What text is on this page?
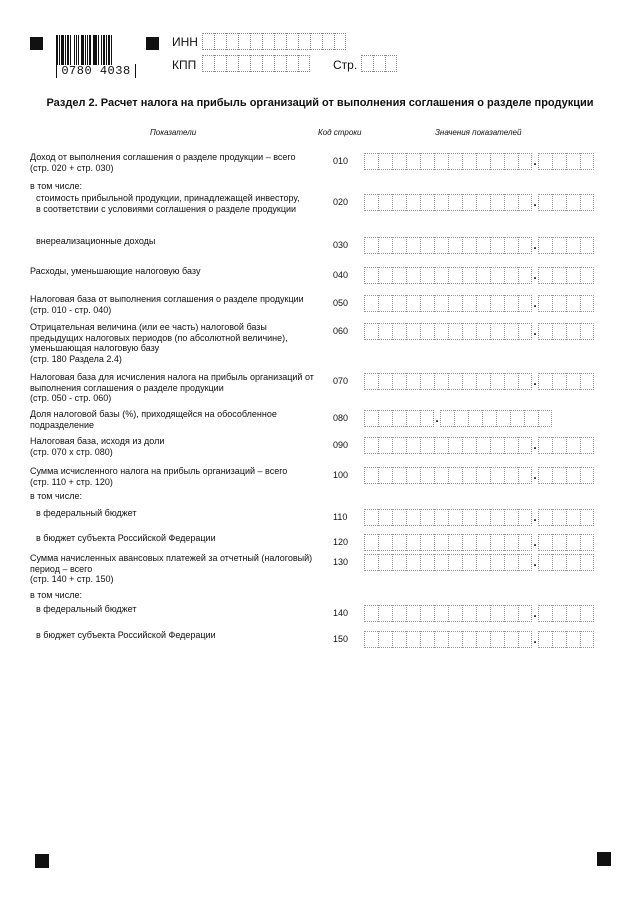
0780 4038
ИНН
КПП	Стр.
Раздел 2. Расчет налога на прибыль организаций от выполнения соглашения о разделе продукции
Показатели	Код строки	Значения показателей
Доход от выполнения соглашения о разделе продукции – всего
(стр. 020 + стр. 030)
010	.
в том числе:
стоимость прибыльной продукции, принадлежащей инвестору, в соответствии с условиями соглашения о разделе продукции
020	.
внереализационные доходы	030	.
Расходы, уменьшающие налоговую базу	040	.
Налоговая база от выполнения соглашения о разделе продукции
(стр. 010 - стр. 040)
050	.
Отрицательная величина (или ее часть) налоговой базы предыдущих налоговых периодов (по абсолютной величине), уменьшающая налоговую базу
(стр. 180 Раздела 2.4)
060	.
Налоговая база для исчисления налога на прибыль организаций от выполнения соглашения о разделе продукции
(стр. 050 - стр. 060)
070	.
Доля налоговой базы (%), приходящейся на обособленное подразделение
080	.
Налоговая база, исходя из доли
(стр. 070 х стр. 080)
090	.
Сумма исчисленного налога на прибыль организаций – всего
(стр. 110 + стр. 120)
100	.
в том числе:
в федеральный бюджет	110	.
в бюджет субъекта Российской Федерации	120	.
Сумма начисленных авансовых платежей за отчетный (налоговый) период – всего
(стр. 140 + стр. 150)
130	.
в том числе:
в федеральный бюджет	140	.
в бюджет субъекта Российской Федерации	150	.
